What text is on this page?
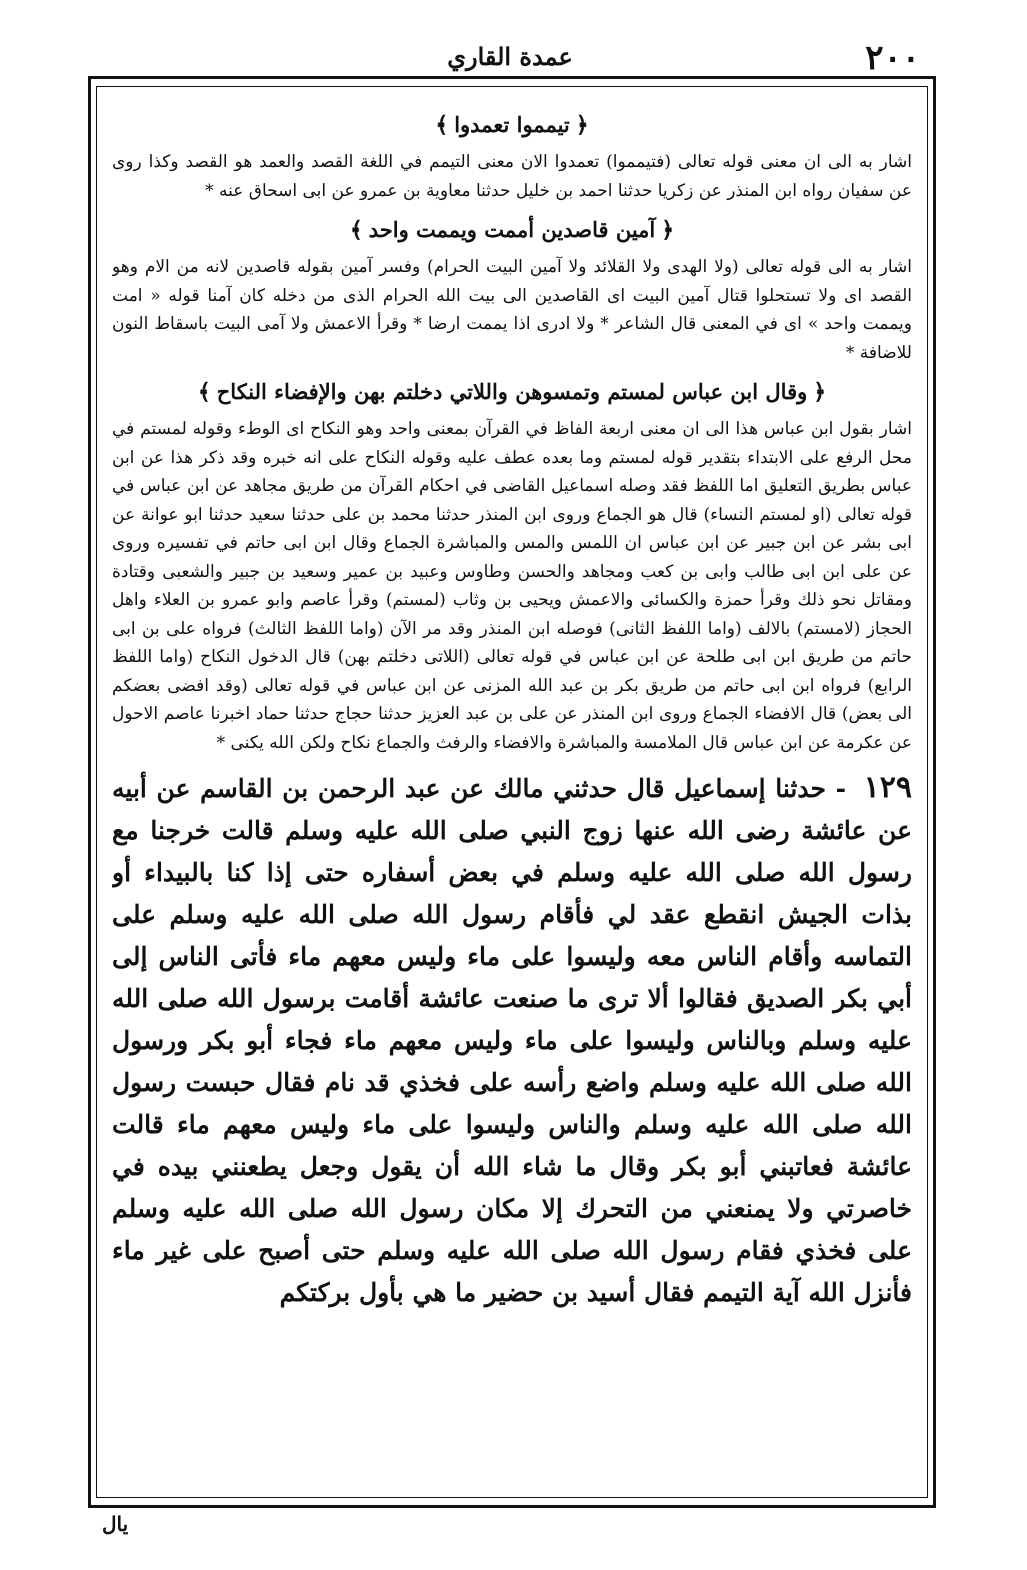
۲۰۰
عمدة القاري
﴿تيمموا تعمدوا﴾

اشار به الى ان معنى قوله تعالى (فتيمموا) تعمدوا الان معنى التيمم في اللغة القصد والعمد هو القصد وكذا روى عن سفيان رواه ابن المنذر عن زكريا حدثنا احمد بن خليل حدثنا معاوية بن عمرو عن ابى اسحاق عنه *

﴿آمين قاصدين أممت ويممت واحد﴾

اشار به الى قوله تعالى (ولا الهدى ولا القلائد ولا آمين البيت الحرام) وفسر آمين بقوله قاصدين لانه من الام وهو القصد اى ولا تستحلوا قتال آمين البيت اى القاصدين الى بيت الله الحرام الذى من دخله كان آمنا قوله « امت ويممت واحد » اى في المعنى قال الشاعر * ولا ادرى اذا يممت ارضا * وقرأ الاعمش ولا آمى البيت باسقاط النون للاضافة *

﴿وقال ابن عباس لمستم وتمسوهن واللاتي دخلتم بهن والإفضاء النكاح﴾

اشار بقول ابن عباس هذا الى ان معنى اربعة الفاظ في القرآن بمعنى واحد وهو النكاح اى الوطء وقوله لمستم في محل الرفع على الابتداء بتقدير قوله لمستم وما بعده عطف عليه وقوله النكاح على انه خبره وقد ذكر هذا عن ابن عباس بطريق التعليق اما اللفظ فقد وصله اسماعيل القاضى في احكام القرآن من طريق مجاهد عن ابن عباس في قوله تعالى (او لمستم النساء) قال هو الجماع وروى ابن المنذر حدثنا محمد بن على حدثنا سعيد حدثنا ابو عوانة عن ابى بشر عن ابن جبير عن ابن عباس ان اللمس والمس والمباشرة الجماع وقال ابن ابى حاتم في تفسيره وروى عن على ابن ابى طالب وابى بن كعب ومجاهد والحسن وطاوس وعبيد بن عمير وسعيد بن جبير والشعبى وقتادة ومقاتل نحو ذلك وقرأ حمزة والكسائى والاعمش ويحيى بن وثاب (لمستم) وقرأ عاصم وابو عمرو بن العلاء واهل الحجاز (لامستم) بالالف (واما اللفظ الثانى) فوصله ابن المنذر وقد مر الآن (واما اللفظ الثالث) فرواه على بن ابى حاتم من طريق ابن ابى طلحة عن ابن عباس في قوله تعالى (اللاتى دخلتم بهن) قال الدخول النكاح (واما اللفظ الرابع) فرواه ابن ابى حاتم من طريق بكر بن عبد الله المزنى عن ابن عباس في قوله تعالى (وقد افضى بعضكم الى بعض) قال الافضاء الجماع وروى ابن المنذر عن على بن عبد العزيز حدثنا حجاج حدثنا حماد اخبرنا عاصم الاحول عن عكرمة عن ابن عباس قال الملامسة والمباشرة والافضاء والرفث والجماع نكاح ولكن الله يكنى *

۱۲۹ - حدثنا إسماعيل قال حدثني مالك عن عبد الرحمن بن القاسم عن أبيه عن عائشة رضى الله عنها زوج النبي صلى الله عليه وسلم قالت خرجنا مع رسول الله صلى الله عليه وسلم في بعض أسفاره حتى إذا كنا بالبيداء أو بذات الجيش انقطع عقد لي فأقام رسول الله صلى الله عليه وسلم على التماسه وأقام الناس معه وليسوا على ماء وليس معهم ماء فأتى الناس إلى أبي بكر الصديق فقالوا ألا ترى ما صنعت عائشة أقامت برسول الله صلى الله عليه وسلم وبالناس وليسوا على ماء وليس معهم ماء فجاء أبو بكر ورسول الله صلى الله عليه وسلم واضع رأسه على فخذي قد نام فقال حبست رسول الله صلى الله عليه وسلم والناس وليسوا على ماء وليس معهم ماء قالت عائشة فعاتبني أبو بكر وقال ما شاء الله أن يقول وجعل يطعنني بيده في خاصرتي ولا يمنعني من التحرك إلا مكان رسول الله صلى الله عليه وسلم على فخذي فقام رسول الله صلى الله عليه وسلم حتى أصبح على غير ماء فأنزل الله آية التيمم فقال أسيد بن حضير ما هي بأول بركتكم
يال
